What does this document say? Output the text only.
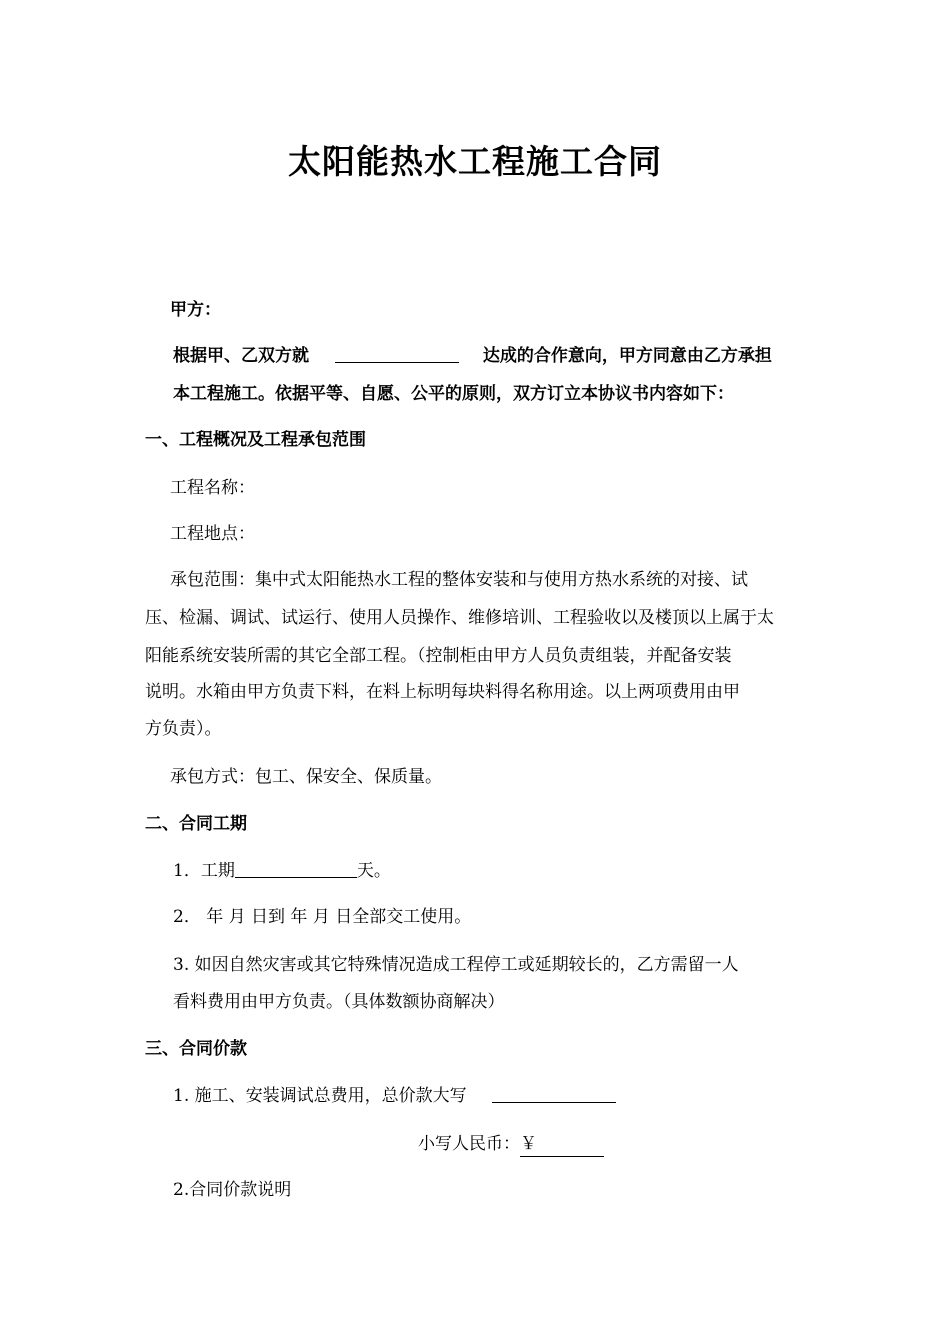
太阳能热水工程施工合同
甲方：
根据甲、乙双方就	达成的合作意向，甲方同意由乙方承担
本工程施工。依据平等、自愿、公平的原则，双方订立本协议书内容如下：
一、工程概况及工程承包范围
工程名称：
工程地点：
承包范围：集中式太阳能热水工程的整体安装和与使用方热水系统的对接、试
压、检漏、调试、试运行、使用人员操作、维修培训、工程验收以及楼顶以上属于太
阳能系统安装所需的其它全部工程。（控制柜由甲方人员负责组装，并配备安装
说明。水箱由甲方负责下料，在料上标明每块料得名称用途。以上两项费用由甲
方负责）。
承包方式：包工、保安全、保质量。
二、合同工期
1．工期	天。
2． 年 月 日到 年 月 日全部交工使用。
3. 如因自然灾害或其它特殊情况造成工程停工或延期较长的，乙方需留一人
看料费用由甲方负责。（具体数额协商解决）
三、合同价款
1. 施工、安装调试总费用，总价款大写
小写人民币：￥
2.合同价款说明
